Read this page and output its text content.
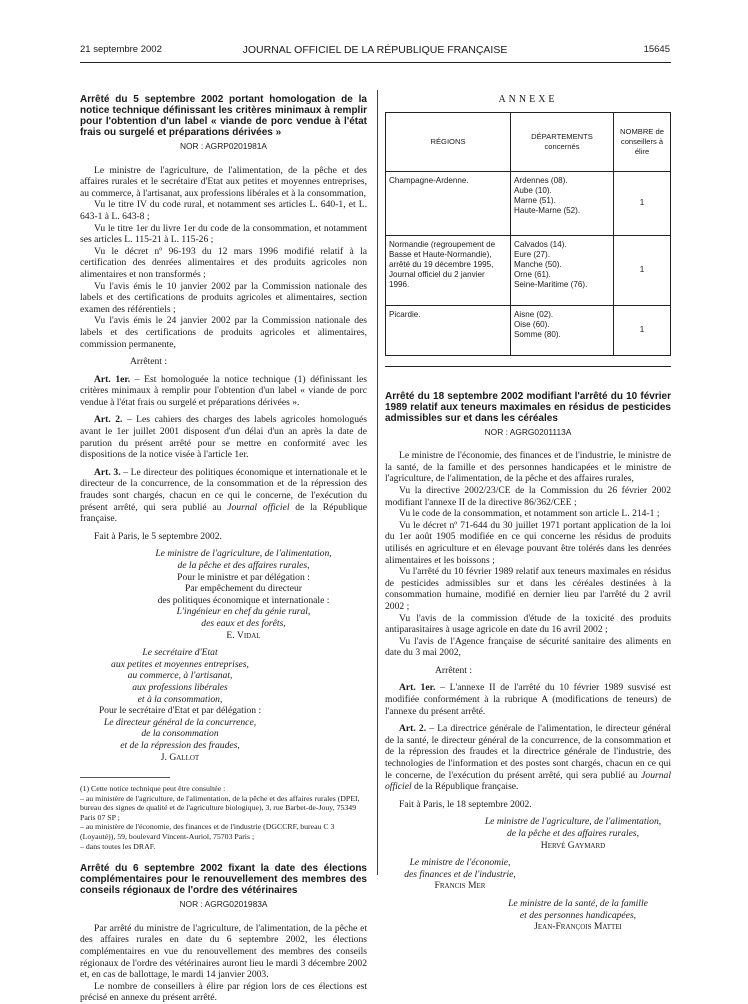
21 septembre 2002	JOURNAL OFFICIEL DE LA RÉPUBLIQUE FRANÇAISE	15645
Arrêté du 5 septembre 2002 portant homologation de la notice technique définissant les critères minimaux à remplir pour l'obtention d'un label « viande de porc vendue à l'état frais ou surgelé et préparations dérivées »
NOR : AGRP0201981A

Le ministre de l'agriculture, de l'alimentation, de la pêche et des affaires rurales et le secrétaire d'Etat aux petites et moyennes entreprises, au commerce, à l'artisanat, aux professions libérales et à la consommation,

Vu le titre IV du code rural, et notamment ses articles L. 640-1, et L. 643-1 à L. 643-8 ;

Vu le titre 1er du livre 1er du code de la consommation, et notamment ses articles L. 115-21 à L. 115-26 ;

Vu le décret nº 96-193 du 12 mars 1996 modifié relatif à la certification des denrées alimentaires et des produits agricoles non alimentaires et non transformés ;

Vu l'avis émis le 10 janvier 2002 par la Commission nationale des labels et des certifications de produits agricoles et alimentaires, section examen des référentiels ;

Vu l'avis émis le 24 janvier 2002 par la Commission nationale des labels et des certifications de produits agricoles et alimentaires, commission permanente,

Arrêtent :

Art. 1er. – Est homologuée la notice technique (1) définissant les critères minimaux à remplir pour l'obtention d'un label « viande de porc vendue à l'état frais ou surgelé et préparations dérivées ».

Art. 2. – Les cahiers des charges des labels agricoles homologués avant le 1er juillet 2001 disposent d'un délai d'un an après la date de parution du présent arrêté pour se mettre en conformité avec les dispositions de la notice visée à l'article 1er.

Art. 3. – Le directeur des politiques économique et internationale et le directeur de la concurrence, de la consommation et de la répression des fraudes sont chargés, chacun en ce qui le concerne, de l'exécution du présent arrêté, qui sera publié au Journal officiel de la République française.

Fait à Paris, le 5 septembre 2002.

Le ministre de l'agriculture, de l'alimentation,
de la pêche et des affaires rurales,
Pour le ministre et par délégation :
Par empêchement du directeur
des politiques économique et internationale :
L'ingénieur en chef du génie rural,
des eaux et des forêts,
E. Vidal
Le secrétaire d'Etat
aux petites et moyennes entreprises,
au commerce, à l'artisanat,
aux professions libérales
et à la consommation,
Pour le secrétaire d'Etat et par délégation :
Le directeur général de la concurrence,
de la consommation
et de la répression des fraudes,
J. Gallot
(1) Cette notice technique peut être consultée :
– au ministère de l'agriculture, de l'alimentation, de la pêche et des affaires rurales (DPEI, bureau des signes de qualité et de l'agriculture biologique), 3, rue Barbet-de-Jouy, 75349 Paris 07 SP ;
– au ministère de l'économie, des finances et de l'industrie (DGCCRF, bureau C 3 (Loyauté)), 59, boulevard Vincent-Auriol, 75703 Paris ;
– dans toutes les DRAF.
Arrêté du 6 septembre 2002 fixant la date des élections complémentaires pour le renouvellement des membres des conseils régionaux de l'ordre des vétérinaires
NOR : AGRG0201983A

Par arrêté du ministre de l'agriculture, de l'alimentation, de la pêche et des affaires rurales en date du 6 septembre 2002, les élections complémentaires en vue du renouvellement des membres des conseils régionaux de l'ordre des vétérinaires auront lieu le mardi 3 décembre 2002 et, en cas de ballottage, le mardi 14 janvier 2003.

Le nombre de conseillers à élire par région lors de ces élections est précisé en annexe du présent arrêté.

ANNEXE
RÉGIONS	DÉPARTEMENTS concernés	NOMBRE de conseillers à élire
Champagne-Ardenne.	Ardennes (08).
Aube (10).
Marne (51).
Haute-Marne (52).	1
Normandie (regroupement de Basse et Haute-Normandie), arrêté du 19 décembre 1995, Journal officiel du 2 janvier 1996.	Calvados (14).
Eure (27).
Manche (50).
Orne (61).
Seine-Maritime (76).	1
Picardie.	Aisne (02).
Oise (60).
Somme (80).	1
Arrêté du 18 septembre 2002 modifiant l'arrêté du 10 février 1989 relatif aux teneurs maximales en résidus de pesticides admissibles sur et dans les céréales
NOR : AGRG0201113A

Le ministre de l'économie, des finances et de l'industrie, le ministre de la santé, de la famille et des personnes handicapées et le ministre de l'agriculture, de l'alimentation, de la pêche et des affaires rurales,

Vu la directive 2002/23/CE de la Commission du 26 février 2002 modifiant l'annexe II de la directive 86/362/CEE ;

Vu le code de la consommation, et notamment son article L. 214-1 ;

Vu le décret nº 71-644 du 30 juillet 1971 portant application de la loi du 1er août 1905 modifiée en ce qui concerne les résidus de produits utilisés en agriculture et en élevage pouvant être tolérés dans les denrées alimentaires et les boissons ;

Vu l'arrêté du 10 février 1989 relatif aux teneurs maximales en résidus de pesticides admissibles sur et dans les céréales destinées à la consommation humaine, modifié en dernier lieu par l'arrêté du 2 avril 2002 ;

Vu l'avis de la commission d'étude de la toxicité des produits antiparasitaires à usage agricole en date du 16 avril 2002 ;

Vu l'avis de l'Agence française de sécurité sanitaire des aliments en date du 3 mai 2002,

Arrêtent :

Art. 1er. – L'annexe II de l'arrêté du 10 février 1989 susvisé est modifiée conformément à la rubrique A (modifications de teneurs) de l'annexe du présent arrêté.

Art. 2. – La directrice générale de l'alimentation, le directeur général de la santé, le directeur général de la concurrence, de la consommation et de la répression des fraudes et la directrice générale de l'industrie, des technologies de l'information et des postes sont chargés, chacun en ce qui le concerne, de l'exécution du présent arrêté, qui sera publié au Journal officiel de la République française.

Fait à Paris, le 18 septembre 2002.

Le ministre de l'agriculture, de l'alimentation,
de la pêche et des affaires rurales,
Hervé Gaymard
Le ministre de l'économie,
des finances et de l'industrie,
Francis Mer
Le ministre de la santé, de la famille
et des personnes handicapées,
Jean-François Mattei
